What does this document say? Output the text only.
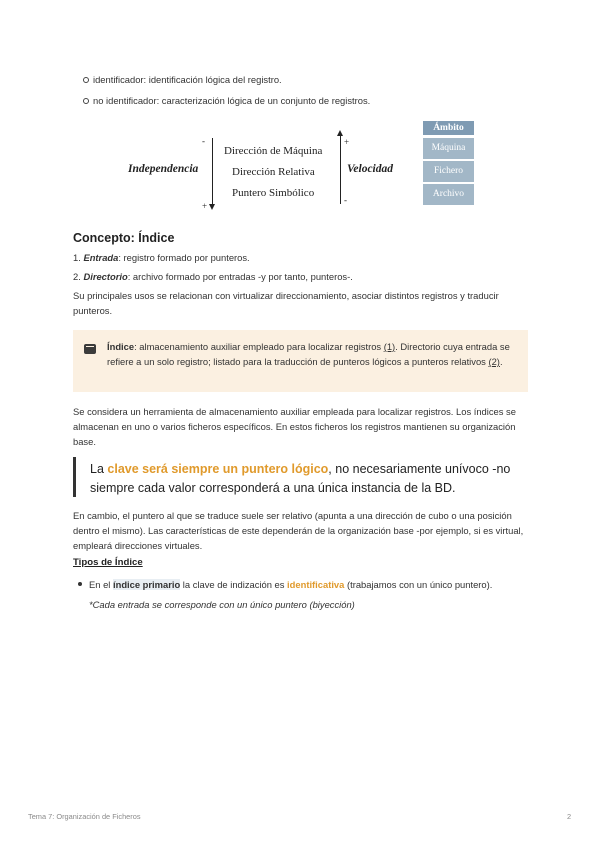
identificador: identificación lógica del registro.
no identificador: caracterización lógica de un conjunto de registros.
Independencia
-
+
Dirección de Máquina
Dirección Relativa
Puntero Simbólico
+
-
Velocidad
Ámbito
Máquina
Fichero
Archivo
Concepto: Índice
1. Entrada: registro formado por punteros.
2. Directorio: archivo formado por entradas -y por tanto, punteros-.
Su principales usos se relacionan con virtualizar direccionamiento, asociar distintos registros y traducir punteros.
Índice: almacenamiento auxiliar empleado para localizar registros (1). Directorio cuya entrada se refiere a un solo registro; listado para la traducción de punteros lógicos a punteros relativos (2).
Se considera un herramienta de almacenamiento auxiliar empleada para localizar registros. Los índices se almacenan en uno o varios ficheros específicos. En estos ficheros los registros mantienen su organización base.
La clave será siempre un puntero lógico, no necesariamente unívoco -no siempre cada valor corresponderá a una única instancia de la BD.
En cambio, el puntero al que se traduce suele ser relativo (apunta a una dirección de cubo o una posición dentro el mismo). Las características de este dependerán de la organización base -por ejemplo, si es virtual, empleará direcciones virtuales.
Tipos de Índice
En el índice primario la clave de indización es identificativa (trabajamos con un único puntero).
*Cada entrada se corresponde con un único puntero (biyección)
Tema 7: Organización de Ficheros	2
